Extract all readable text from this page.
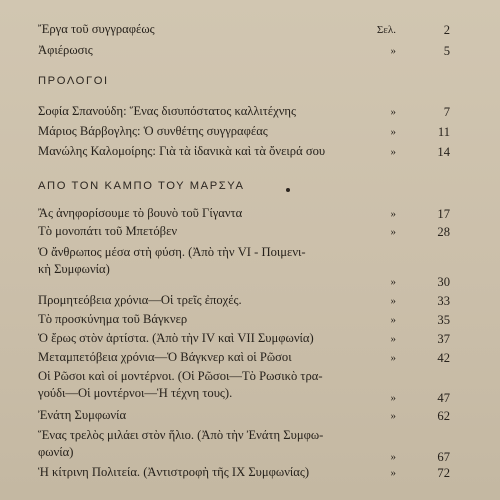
Ἔργα τοῦ συγγραφέως	Σελ.	2
Ἀφιέρωσις	»	5
ΠΡΟΛΟΓΟΙ
Σοφία Σπανούδη: Ἕνας δισυπόστατος καλλιτέχνης	»	7
Μάριος Βάρβογλης: Ὁ συνθέτης συγγραφέας	»	11
Μανώλης Καλομοίρης: Γιὰ τὰ ἰδανικὰ καὶ τὰ ὄνειρά σου	»	14
ΑΠΟ ΤΟΝ ΚΑΜΠΟ ΤΟΥ ΜΑΡΣΥΑ
Ἂς ἀνηφορίσουμε τὸ βουνὸ τοῦ Γίγαντα	»	17
Τὸ μονοπάτι τοῦ Μπετόβεν	»	28
Ὁ ἄνθρωπος μέσα στὴ φύση. (Ἀπὸ τὴν VI - Ποιμενι-
κὴ Συμφωνία)
»	30
Προμητεόβεια χρόνια—Οἱ τρεῖς ἐποχές.	»	33
Τὸ προσκύνημα τοῦ Βάγκνερ	»	35
Ὁ ἔρως στὸν ἀρτίστα. (Ἀπὸ τὴν IV καὶ VII Συμφωνία)	»	37
Μεταμπετόβεια χρόνια—Ὁ Βάγκνερ καὶ οἱ Ρῶσοι	»	42
Οἱ Ρῶσοι καὶ οἱ μοντέρνοι. (Οἱ Ρῶσοι—Τὸ Ρωσικὸ τρα-
γούδι—Οἱ μοντέρνοι—Ἡ τέχνη τους).	»	47
Ἐνάτη Συμφωνία	»	62
Ἕνας τρελὸς μιλάει στὸν ἥλιο. (Ἀπὸ τὴν Ἐνάτη Συμφω-
φωνία)	»	67
Ἡ κίτρινη Πολιτεία. (Ἀντιστροφὴ τῆς ΙΧ Συμφωνίας)	»	72
